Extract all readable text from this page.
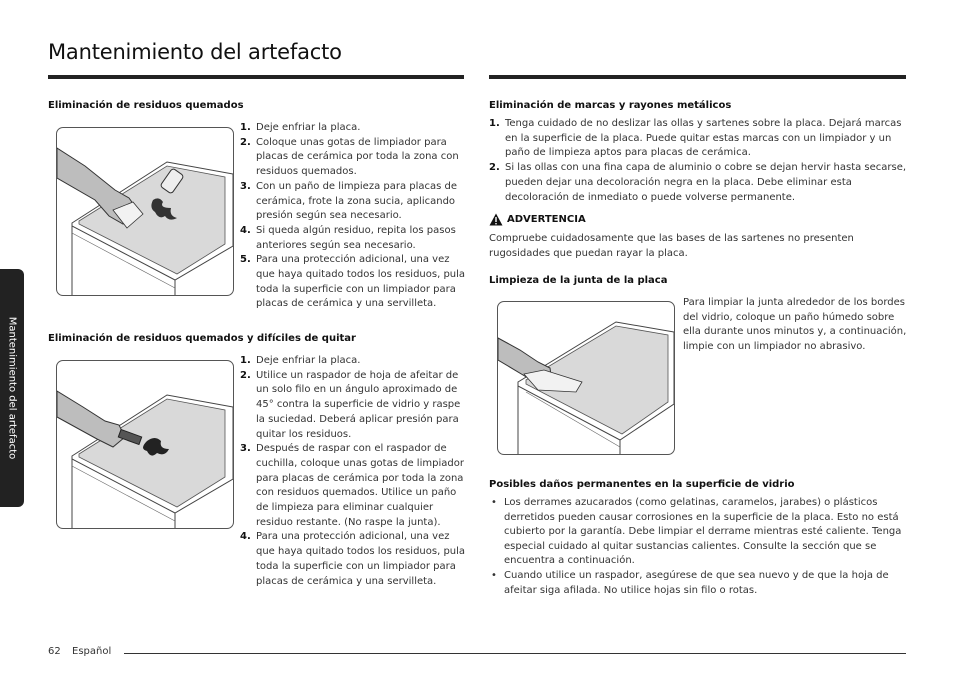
Mantenimiento del artefacto
Mantenimiento del artefacto
Eliminación de residuos quemados
1. Deje enfriar la placa.
2. Coloque unas gotas de limpiador para placas de cerámica por toda la zona con residuos quemados.
3. Con un paño de limpieza para placas de cerámica, frote la zona sucia, aplicando presión según sea necesario.
4. Si queda algún residuo, repita los pasos anteriores según sea necesario.
5. Para una protección adicional, una vez que haya quitado todos los residuos, pula toda la superficie con un limpiador para placas de cerámica y una servilleta.
Eliminación de residuos quemados y difíciles de quitar
1. Deje enfriar la placa.
2. Utilice un raspador de hoja de afeitar de un solo filo en un ángulo aproximado de 45° contra la superficie de vidrio y raspe la suciedad. Deberá aplicar presión para quitar los residuos.
3. Después de raspar con el raspador de cuchilla, coloque unas gotas de limpiador para placas de cerámica por toda la zona con residuos quemados. Utilice un paño de limpieza para eliminar cualquier residuo restante. (No raspe la junta).
4. Para una protección adicional, una vez que haya quitado todos los residuos, pula toda la superficie con un limpiador para placas de cerámica y una servilleta.
Eliminación de marcas y rayones metálicos
1. Tenga cuidado de no deslizar las ollas y sartenes sobre la placa. Dejará marcas en la superficie de la placa. Puede quitar estas marcas con un limpiador y un paño de limpieza aptos para placas de cerámica.
2. Si las ollas con una fina capa de aluminio o cobre se dejan hervir hasta secarse, pueden dejar una decoloración negra en la placa. Debe eliminar esta decoloración de inmediato o puede volverse permanente.
ADVERTENCIA
Compruebe cuidadosamente que las bases de las sartenes no presenten rugosidades que puedan rayar la placa.
Limpieza de la junta de la placa
Para limpiar la junta alrededor de los bordes del vidrio, coloque un paño húmedo sobre ella durante unos minutos y, a continuación, limpie con un limpiador no abrasivo.
Posibles daños permanentes en la superficie de vidrio
• Los derrames azucarados (como gelatinas, caramelos, jarabes) o plásticos derretidos pueden causar corrosiones en la superficie de la placa. Esto no está cubierto por la garantía. Debe limpiar el derrame mientras esté caliente. Tenga especial cuidado al quitar sustancias calientes. Consulte la sección que se encuentra a continuación.
• Cuando utilice un raspador, asegúrese de que sea nuevo y de que la hoja de afeitar siga afilada. No utilice hojas sin filo o rotas.
62 Español
